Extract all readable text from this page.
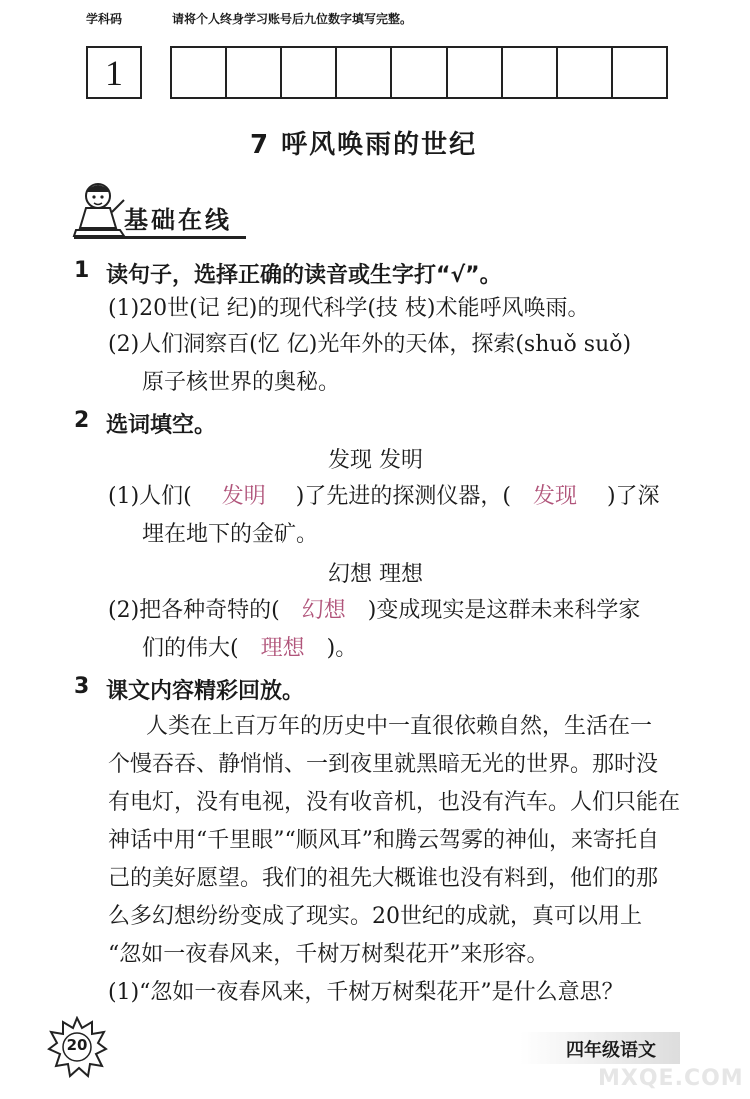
学科码	请将个人终身学习账号后九位数字填写完整。
1
7 呼风唤雨的世纪
基础在线
1 读句子，选择正确的读音或生字打“√”。
(1)20世(记 纪)的现代科学(技 枝)术能呼风唤雨。
(2)人们洞察百(忆 亿)光年外的天体，探索(shuǒ suǒ)
原子核世界的奥秘。
2 选词填空。
发现 发明
(1)人们( 发明 )了先进的探测仪器，( 发现 )了深
埋在地下的金矿。
幻想 理想
(2)把各种奇特的( 幻想 )变成现实是这群未来科学家
们的伟大( 理想 )。
3 课文内容精彩回放。
人类在上百万年的历史中一直很依赖自然，生活在一
个慢吞吞、静悄悄、一到夜里就黑暗无光的世界。那时没
有电灯，没有电视，没有收音机，也没有汽车。人们只能在
神话中用“千里眼”“顺风耳”和腾云驾雾的神仙，来寄托自
己的美好愿望。我们的祖先大概谁也没有料到，他们的那
么多幻想纷纷变成了现实。20世纪的成就，真可以用上
“忽如一夜春风来，千树万树梨花开”来形容。
(1)“忽如一夜春风来，千树万树梨花开”是什么意思？
20	四年级语文
MXQE.COM
